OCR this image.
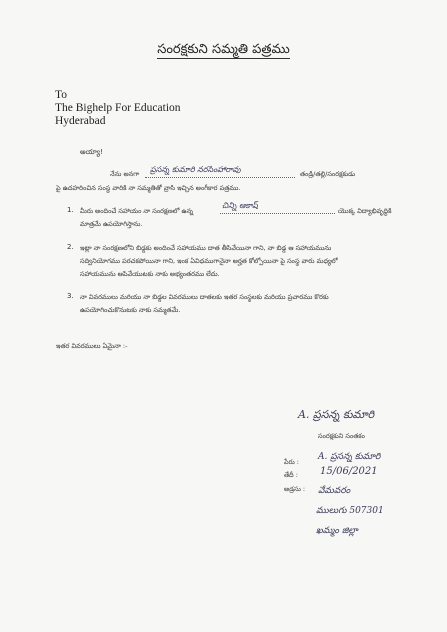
సంరక్షకుని సమ్మతి పత్రము
To
The Bighelp For Education
Hyderabad
అయ్యా!
నేను అనగా ప్రసన్న కుమారి నరసింహారావు	తండ్రి/తల్లి/సంరక్షకుడు
పై ఉదహరించిన సంస్థ వారికి నా సమ్మతితో వ్రాసి ఇచ్చిన అంగీకార పత్రము.
1. మీరు అందించే సహాయం నా సంరక్షణలో ఉన్న
చిన్ని ఆకాష్
యొక్క విద్యాభివృద్ధికి
మాత్రమే ఉపయోగిస్తాను.
2. ఇట్లా నా సంరక్షణలోని బిడ్డకు అందించే సహాయము దాత తీసివేయినా గాని, నా బిడ్డ ఆ సహాయమును
సద్వినియోగము పరచకపోయినా గాని, ఇంక ఏవిధముగానైనా అర్హత కోల్పోయినా పై సంస్థ వారు మధ్యలో
సహాయమును ఆపివేయుటకు నాకు అభ్యంతరము లేదు.
3. నా వివరములు మరియు నా బిడ్డల వివరములు దాతలకు ఇతర సంస్థలకు మరియు ప్రచారము కొరకు
ఉపయోగించుకొనుటకు నాకు సమ్మతమే.
ఇతర వివరములు ఏమైనా :-
A. ప్రసన్న కుమారి
సంరక్షకుని సంతకం
పేరు : A. ప్రసన్న కుమారి
తేదీ : 15/06/2021
అడ్రసు : వేమవరం
ములుగు 507301
ఖమ్మం జిల్లా
